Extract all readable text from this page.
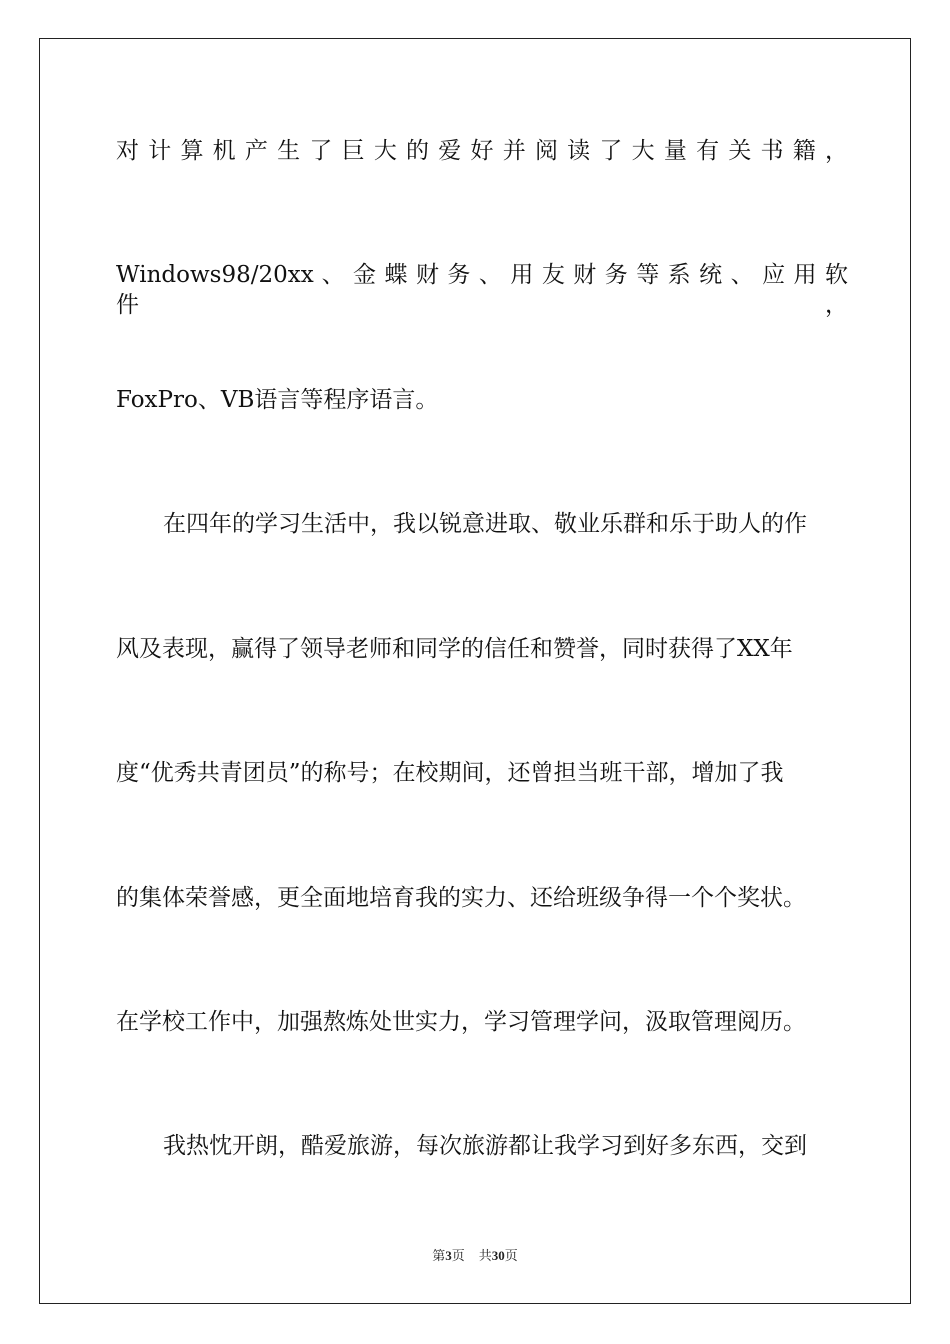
对 计 算 机 产 生 了 巨 大 的 爱 好 并 阅 读 了 大 量 有 关 书 籍 ，
Windows98/20xx 、 金 蝶 财 务 、 用 友 财 务 等 系 统 、 应 用 软 件 ，
FoxPro、VB语言等程序语言。
在四年的学习生活中，我以锐意进取、敬业乐群和乐于助人的作
风及表现，赢得了领导老师和同学的信任和赞誉，同时获得了XX年
度“优秀共青团员”的称号；在校期间，还曾担当班干部，增加了我
的集体荣誉感，更全面地培育我的实力、还给班级争得一个个奖状。
在学校工作中，加强熬炼处世实力，学习管理学问，汲取管理阅历。
我热忱开朗，酷爱旅游，每次旅游都让我学习到好多东西，交到
第3页 共30页
